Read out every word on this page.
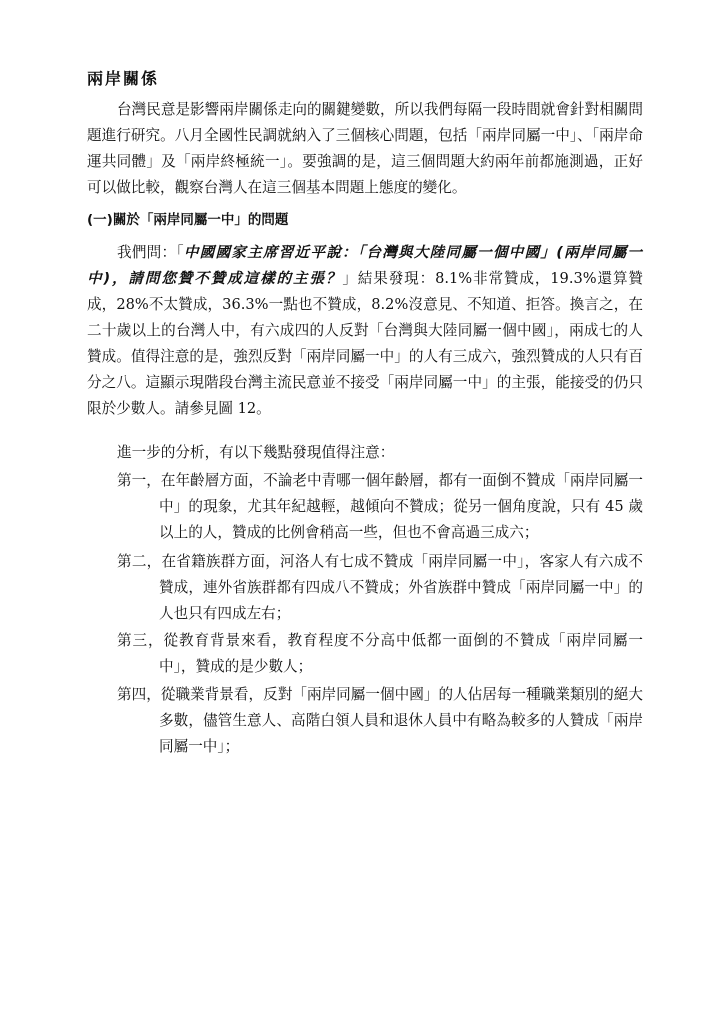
兩岸關係

台灣民意是影響兩岸關係走向的關鍵變數，所以我們每隔一段時間就會針對相關問題進行研究。八月全國性民調就納入了三個核心問題，包括「兩岸同屬一中」、「兩岸命運共同體」及「兩岸終極統一」。要強調的是，這三個問題大約兩年前都施測過，正好可以做比較，觀察台灣人在這三個基本問題上態度的變化。

(一)關於「兩岸同屬一中」的問題

我們問：「中國國家主席習近平說：「台灣與大陸同屬一個中國」(兩岸同屬一中)，請問您贊不贊成這樣的主張？」結果發現：8.1%非常贊成，19.3%還算贊成，28%不太贊成，36.3%一點也不贊成，8.2%沒意見、不知道、拒答。換言之，在二十歲以上的台灣人中，有六成四的人反對「台灣與大陸同屬一個中國」，兩成七的人贊成。值得注意的是，強烈反對「兩岸同屬一中」的人有三成六，強烈贊成的人只有百分之八。這顯示現階段台灣主流民意並不接受「兩岸同屬一中」的主張，能接受的仍只限於少數人。請參見圖 12。

進一步的分析，有以下幾點發現值得注意：

第一，在年齡層方面，不論老中青哪一個年齡層，都有一面倒不贊成「兩岸同屬一中」的現象，尤其年紀越輕，越傾向不贊成；從另一個角度說，只有 45 歲以上的人，贊成的比例會稍高一些，但也不會高過三成六；

第二，在省籍族群方面，河洛人有七成不贊成「兩岸同屬一中」，客家人有六成不贊成，連外省族群都有四成八不贊成；外省族群中贊成「兩岸同屬一中」的人也只有四成左右；

第三，從教育背景來看，教育程度不分高中低都一面倒的不贊成「兩岸同屬一中」，贊成的是少數人；

第四，從職業背景看，反對「兩岸同屬一個中國」的人佔居每一種職業類別的絕大多數，儘管生意人、高階白領人員和退休人員中有略為較多的人贊成「兩岸同屬一中」；
